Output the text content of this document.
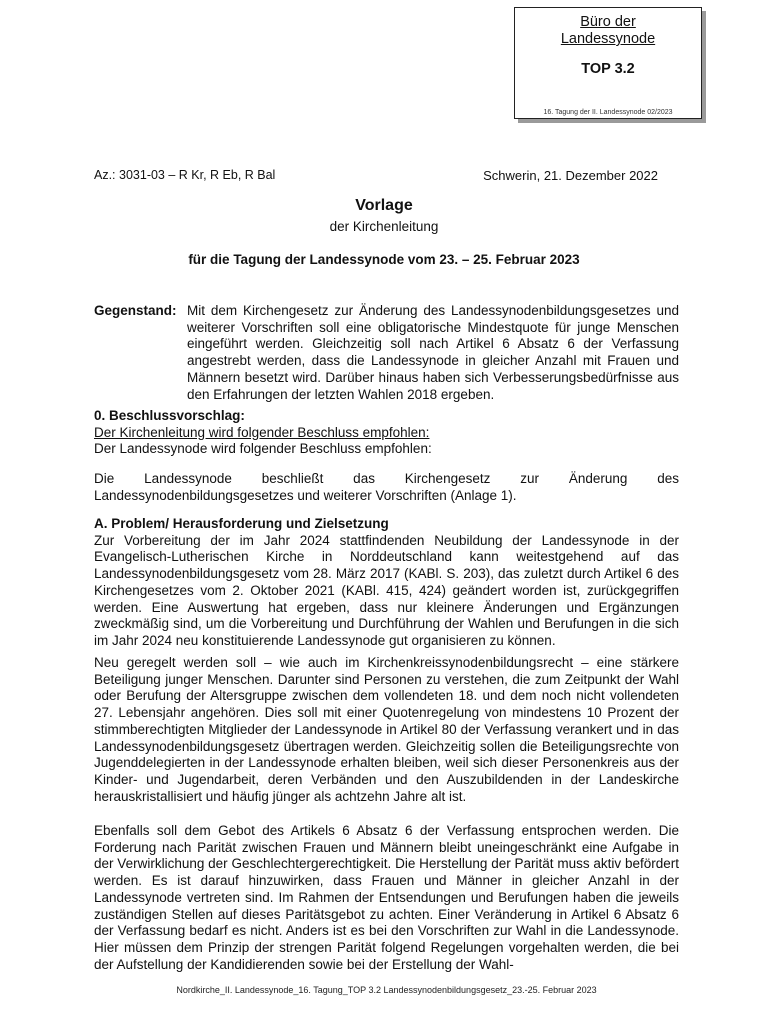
Büro der
Landessynode
TOP 3.2
16. Tagung der II. Landessynode 02/2023
Az.: 3031-03 – R Kr, R Eb, R Bal	Schwerin, 21. Dezember 2022
Vorlage
der Kirchenleitung
für die Tagung der Landessynode vom 23. – 25. Februar 2023
Gegenstand: Mit dem Kirchengesetz zur Änderung des Landessynodenbildungsgesetzes und weiterer Vorschriften soll eine obligatorische Mindestquote für junge Menschen eingeführt werden. Gleichzeitig soll nach Artikel 6 Absatz 6 der Verfassung angestrebt werden, dass die Landessynode in gleicher Anzahl mit Frauen und Männern besetzt wird. Darüber hinaus haben sich Verbesserungsbedürfnisse aus den Erfahrungen der letzten Wahlen 2018 ergeben.
0. Beschlussvorschlag:
Der Kirchenleitung wird folgender Beschluss empfohlen:
Der Landessynode wird folgender Beschluss empfohlen:
Die Landessynode beschließt das Kirchengesetz zur Änderung des Landessynodenbildungsgesetzes und weiterer Vorschriften (Anlage 1).
A. Problem/ Herausforderung und Zielsetzung
Zur Vorbereitung der im Jahr 2024 stattfindenden Neubildung der Landessynode in der Evangelisch-Lutherischen Kirche in Norddeutschland kann weitestgehend auf das Landessynodenbildungsgesetz vom 28. März 2017 (KABl. S. 203), das zuletzt durch Artikel 6 des Kirchengesetzes vom 2. Oktober 2021 (KABl. 415, 424) geändert worden ist, zurückgegriffen werden. Eine Auswertung hat ergeben, dass nur kleinere Änderungen und Ergänzungen zweckmäßig sind, um die Vorbereitung und Durchführung der Wahlen und Berufungen in die sich im Jahr 2024 neu konstituierende Landessynode gut organisieren zu können.
Neu geregelt werden soll – wie auch im Kirchenkreissynodenbildungsrecht – eine stärkere Beteiligung junger Menschen. Darunter sind Personen zu verstehen, die zum Zeitpunkt der Wahl oder Berufung der Altersgruppe zwischen dem vollendeten 18. und dem noch nicht vollendeten 27. Lebensjahr angehören. Dies soll mit einer Quotenregelung von mindestens 10 Prozent der stimmberechtigten Mitglieder der Landessynode in Artikel 80 der Verfassung verankert und in das Landessynodenbildungsgesetz übertragen werden. Gleichzeitig sollen die Beteiligungsrechte von Jugenddelegierten in der Landessynode erhalten bleiben, weil sich dieser Personenkreis aus der Kinder- und Jugendarbeit, deren Verbänden und den Auszubildenden in der Landeskirche herauskristallisiert und häufig jünger als achtzehn Jahre alt ist.
Ebenfalls soll dem Gebot des Artikels 6 Absatz 6 der Verfassung entsprochen werden. Die Forderung nach Parität zwischen Frauen und Männern bleibt uneingeschränkt eine Aufgabe in der Verwirklichung der Geschlechtergerechtigkeit. Die Herstellung der Parität muss aktiv befördert werden. Es ist darauf hinzuwirken, dass Frauen und Männer in gleicher Anzahl in der Landessynode vertreten sind. Im Rahmen der Entsendungen und Berufungen haben die jeweils zuständigen Stellen auf dieses Paritätsgebot zu achten. Einer Veränderung in Artikel 6 Absatz 6 der Verfassung bedarf es nicht. Anders ist es bei den Vorschriften zur Wahl in die Landessynode. Hier müssen dem Prinzip der strengen Parität folgend Regelungen vorgehalten werden, die bei der Aufstellung der Kandidierenden sowie bei der Erstellung der Wahl-
Nordkirche_II. Landessynode_16. Tagung_TOP 3.2 Landessynodenbildungsgesetz_23.-25. Februar 2023
